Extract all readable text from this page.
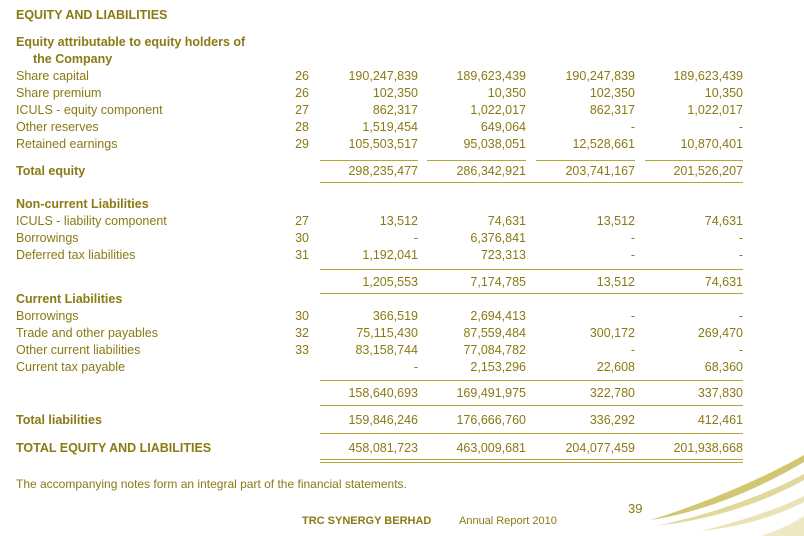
EQUITY AND LIABILITIES
Equity attributable to equity holders of
the Company
Share capital	26	190,247,839	189,623,439	190,247,839	189,623,439
Share premium	26	102,350	10,350	102,350	10,350
ICULS - equity component	27	862,317	1,022,017	862,317	1,022,017
Other reserves	28	1,519,454	649,064	-	-
Retained earnings	29	105,503,517	95,038,051	12,528,661	10,870,401
Total equity	298,235,477	286,342,921	203,741,167	201,526,207
Non-current Liabilities
ICULS - liability component	27	13,512	74,631	13,512	74,631
Borrowings	30	-	6,376,841	-	-
Deferred tax liabilities	31	1,192,041	723,313	-	-
1,205,553	7,174,785	13,512	74,631
Current Liabilities
Borrowings	30	366,519	2,694,413	-	-
Trade and other payables	32	75,115,430	87,559,484	300,172	269,470
Other current liabilities	33	83,158,744	77,084,782	-	-
Current tax payable	-	2,153,296	22,608	68,360
158,640,693	169,491,975	322,780	337,830
Total liabilities	159,846,246	176,666,760	336,292	412,461
TOTAL EQUITY AND LIABILITIES	458,081,723	463,009,681	204,077,459	201,938,668
The accompanying notes form an integral part of the financial statements.
39
TRC SYNERGY BERHAD	Annual Report 2010
